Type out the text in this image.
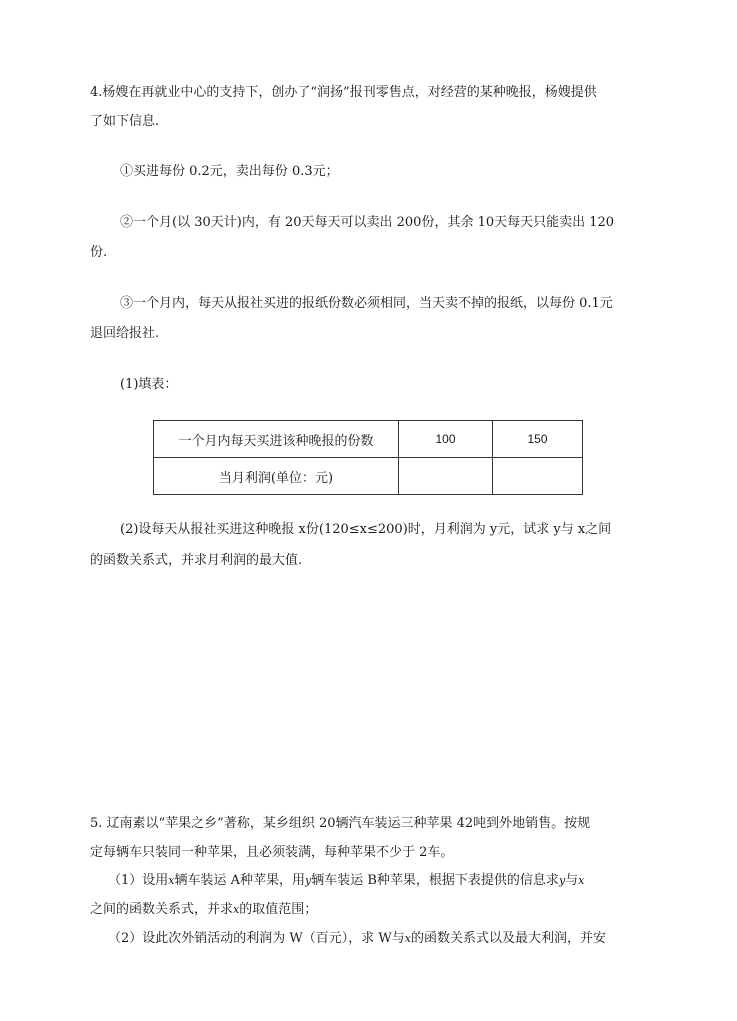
4.杨嫂在再就业中心的支持下，创办了“润扬”报刊零售点，对经营的某种晚报，杨嫂提供
了如下信息.
①买进每份 0.2元，卖出每份 0.3元；
②一个月(以 30天计)内，有 20天每天可以卖出 200份，其余 10天每天只能卖出 120
份.
③一个月内，每天从报社买进的报纸份数必须相同，当天卖不掉的报纸，以每份 0.1元
退回给报社.
(1)填表：
一个月内每天买进该种晚报的份数	100	150
当月利润(单位：元)		
(2)设每天从报社买进这种晚报 x份(120≤x≤200)时，月利润为 y元，试求 y与 x之间
的函数关系式，并求月利润的最大值.
5. 辽南素以“苹果之乡”著称，某乡组织 20辆汽车装运三种苹果 42吨到外地销售。按规
定每辆车只装同一种苹果，且必须装满，每种苹果不少于 2车。
（1）设用x辆车装运 A种苹果，用y辆车装运 B种苹果，根据下表提供的信息求y与x
之间的函数关系式，并求x的取值范围；
（2）设此次外销活动的利润为 W（百元），求 W与x的函数关系式以及最大利润，并安
